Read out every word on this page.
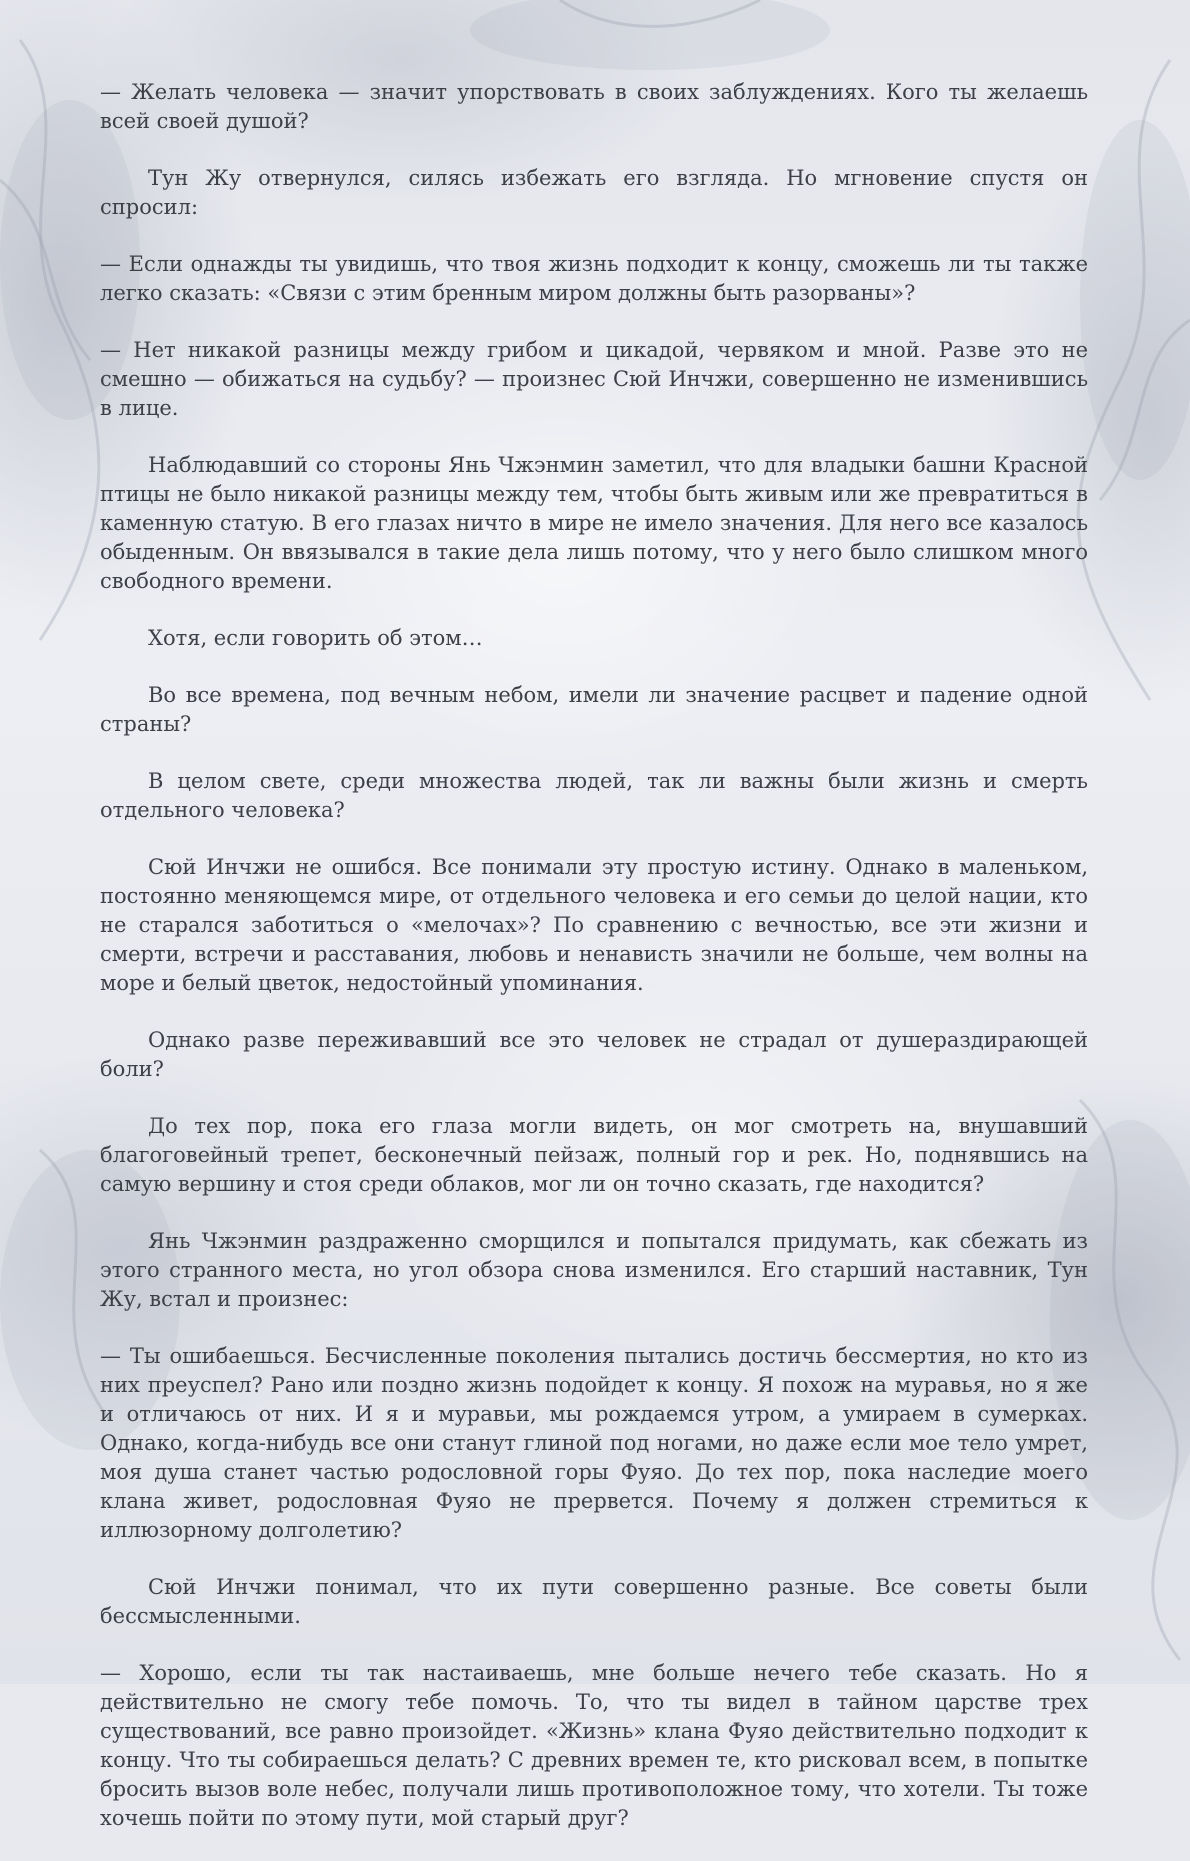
— Желать человека — значит упорствовать в своих заблуждениях. Кого ты желаешь всей своей душой?

Тун Жу отвернулся, силясь избежать его взгляда. Но мгновение спустя он спросил:

— Если однажды ты увидишь, что твоя жизнь подходит к концу, сможешь ли ты также легко сказать: «Связи с этим бренным миром должны быть разорваны»?

— Нет никакой разницы между грибом и цикадой, червяком и мной. Разве это не смешно — обижаться на судьбу? — произнес Сюй Инчжи, совершенно не изменившись в лице.

Наблюдавший со стороны Янь Чжэнмин заметил, что для владыки башни Красной птицы не было никакой разницы между тем, чтобы быть живым или же превратиться в каменную статую. В его глазах ничто в мире не имело значения. Для него все казалось обыденным. Он ввязывался в такие дела лишь потому, что у него было слишком много свободного времени.

Хотя, если говорить об этом…

Во все времена, под вечным небом, имели ли значение расцвет и падение одной страны?

В целом свете, среди множества людей, так ли важны были жизнь и смерть отдельного человека?

Сюй Инчжи не ошибся. Все понимали эту простую истину. Однако в маленьком, постоянно меняющемся мире, от отдельного человека и его семьи до целой нации, кто не старался заботиться о «мелочах»? По сравнению с вечностью, все эти жизни и смерти, встречи и расставания, любовь и ненависть значили не больше, чем волны на море и белый цветок, недостойный упоминания.

Однако разве переживавший все это человек не страдал от душераздирающей боли?

До тех пор, пока его глаза могли видеть, он мог смотреть на, внушавший благоговейный трепет, бесконечный пейзаж, полный гор и рек. Но, поднявшись на самую вершину и стоя среди облаков, мог ли он точно сказать, где находится?

Янь Чжэнмин раздраженно сморщился и попытался придумать, как сбежать из этого странного места, но угол обзора снова изменился. Его старший наставник, Тун Жу, встал и произнес:

— Ты ошибаешься. Бесчисленные поколения пытались достичь бессмертия, но кто из них преуспел? Рано или поздно жизнь подойдет к концу. Я похож на муравья, но я же и отличаюсь от них. И я и муравьи, мы рождаемся утром, а умираем в сумерках. Однако, когда-нибудь все они станут глиной под ногами, но даже если мое тело умрет, моя душа станет частью родословной горы Фуяо. До тех пор, пока наследие моего клана живет, родословная Фуяо не прервется. Почему я должен стремиться к иллюзорному долголетию?

Сюй Инчжи понимал, что их пути совершенно разные. Все советы были бессмысленными.

— Хорошо, если ты так настаиваешь, мне больше нечего тебе сказать. Но я действительно не смогу тебе помочь. То, что ты видел в тайном царстве трех существований, все равно произойдет. «Жизнь» клана Фуяо действительно подходит к концу. Что ты собираешься делать? С древних времен те, кто рисковал всем, в попытке бросить вызов воле небес, получали лишь противоположное тому, что хотели. Ты тоже хочешь пойти по этому пути, мой старый друг?
